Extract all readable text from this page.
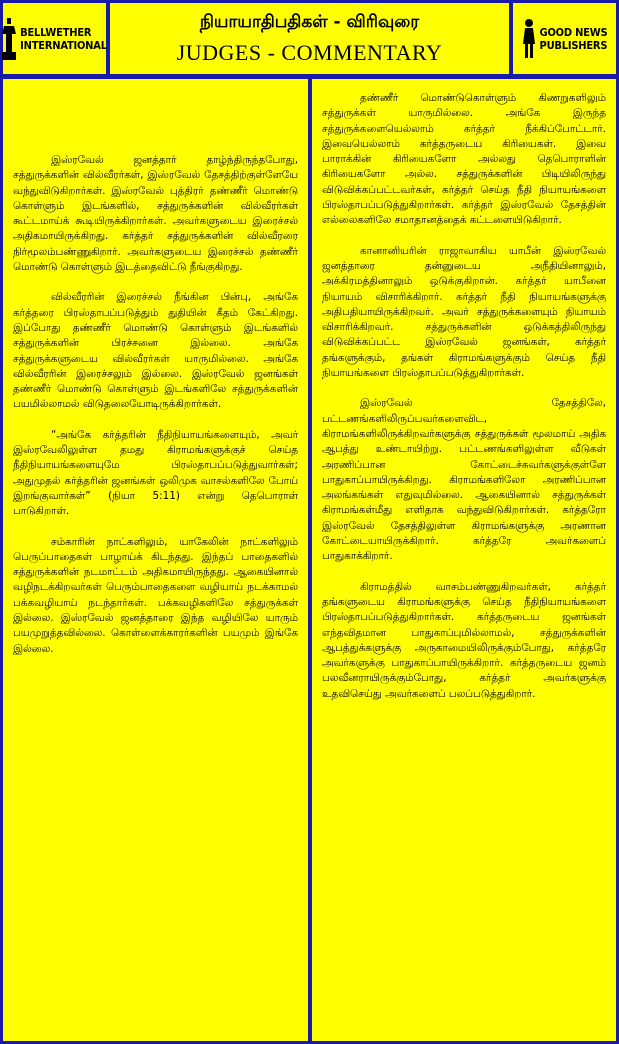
BELLWETHER
INTERNATIONAL
நியாயாதிபதிகள் - விரிவுரை
JUDGES - COMMENTARY
GOOD NEWS
PUBLISHERS

இஸ்ரவேல் ஜனத்தார் தாழ்ந்திருந்தபோது, சத்துருக்களின் வில்வீரர்கள், இஸ்ரவேல் தேசத்திற்குள்ளேயே வந்துவிடுகிறார்கள். இஸ்ரவேல் புத்திரர் தண்ணீர் மொண்டு கொள்ளும் இடங்களில், சத்துருக்களின் வில்வீரர்கள் கூட்டமாய்க் கூடியிருக்கிறார்கள். அவர்களுடைய இரைச்சல் அதிகமாயிருக்கிறது. கர்த்தர் சத்துருக்களின் வில்வீரரை நிர்மூலம்பண்ணுகிறார். அவர்களுடைய இரைச்சல் தண்ணீர் மொண்டு கொள்ளும் இடத்தைவிட்டு நீங்குகிறது.

வில்வீரரின் இரைச்சல் நீங்கின பின்பு, அங்கே கர்த்தரை பிரஸ்தாபப்படுத்தும் துதியின் கீதம் கேட்கிறது. இப்போது தண்ணீர் மொண்டு கொள்ளும் இடங்களில் சத்துருக்களின் பிரச்சனை இல்லை. அங்கே சத்துருக்களுடைய வில்வீரர்கள் யாருமில்லை. அங்கே வில்வீரரின் இரைச்சலும் இல்லை. இஸ்ரவேல் ஜனங்கள் தண்ணீர் மொண்டு கொள்ளும் இடங்களிலே சத்துருக்களின் பயமில்லாமல் விடுதலையோடிருக்கிறார்கள்.

“அங்கே கர்த்தரின் நீதிநியாயங்களையும், அவர் இஸ்ரவேலிலுள்ள தமது கிராமங்களுக்குச் செய்த நீதிநியாயங்களையுமே பிரஸ்தாபப்படுத்துவார்கள்; அதுமுதல் கர்த்தரின் ஜனங்கள் ஒலிமுக வாசல்களிலே போய் இறங்குவார்கள்” (நியா 5:11) என்று தெபொராள் பாடுகிறாள்.

சம்காரின் நாட்களிலும், யாகேலின் நாட்களிலும் பெருப்பாதைகள் பாழாய்க் கிடந்தது. இந்தப் பாதைகளில் சத்துருக்களின் நடமாட்டம் அதிகமாயிருந்தது. ஆகையினால் வழிநடக்கிறவர்கள் பெரும்பாதைகளை வழியாய் நடக்காமல் பக்கவழியாய் நடந்தார்கள். பக்கவழிகளிலே சத்துருக்கள் இல்லை. இஸ்ரவேல் ஜனத்தாரை இந்த வழியிலே யாரும் பயமுறுத்தவில்லை. கொள்ளைக்காரர்களின் பயமும் இங்கே இல்லை.

தண்ணீர் மொண்டுகொள்ளும் கிணறுகளிலும் சத்துருக்கள் யாருமில்லை. அங்கே இருந்த சத்துருக்களையெல்லாம் கர்த்தர் நீக்கிப்போட்டார். இவையெல்லாம் கர்த்தருடைய கிரியைகள். இவை பாராக்கின் கிரியைகளோ அல்லது தெபொராளின் கிரியைகளோ அல்ல. சத்துருக்களின் பிடியிலிருந்து விடுவிக்கப்பட்டவர்கள், கர்த்தர் செய்த நீதி நியாயங்களை பிரஸ்தாபப்படுத்துகிறார்கள். கர்த்தர் இஸ்ரவேல் தேசத்தின் எல்லைகளிலே சமாதானத்தைக் கட்டளையிடுகிறார்.

கானானியரின் ராஜாவாகிய யாபீன் இஸ்ரவேல் ஜனத்தாரை தன்னுடைய அநீதியினாலும், அக்கிரமத்தினாலும் ஒடுக்குகிறான். கர்த்தர் யாபீனை நியாயம் விசாரிக்கிறார். கர்த்தர் நீதி நியாயங்களுக்கு அதிபதியாயிருக்கிறவர். அவர் சத்துருக்களையும் நியாயம் விசாரிக்கிறவர். சத்துருக்களின் ஒடுக்கத்திலிருந்து விடுவிக்கப்பட்ட இஸ்ரவேல் ஜனங்கள், கர்த்தர் தங்களுக்கும், தங்கள் கிராமங்களுக்கும் செய்த நீதி நியாயங்களை பிரஸ்தாபப்படுத்துகிறார்கள்.

இஸ்ரவேல் தேசத்திலே, பட்டணங்களிலிருப்பவர்களைவிட, கிராமங்களிலிருக்கிறவர்களுக்கு சத்துருக்கள் மூலமாய் அதிக ஆபத்து உண்டாயிற்று. பட்டணங்களிலுள்ள வீடுகள் அரணிப்பான கோட்டைச்சுவர்களுக்குள்ளே பாதுகாப்பாயிருக்கிறது. கிராமங்களிலோ அரணிப்பான அலங்கங்கள் எதுவுமில்லை. ஆகையினால் சத்துருக்கள் கிராமங்கள்மீது எளிதாக வந்துவிடுகிறார்கள். கர்த்தரோ இஸ்ரவேல் தேசத்திலுள்ள கிராமங்களுக்கு அரணான கோட்டையாயிருக்கிறார். கர்த்தரே அவர்களைப் பாதுகாக்கிறார்.

கிராமத்தில் வாசம்பண்ணுகிறவர்கள், கர்த்தர் தங்களுடைய கிராமங்களுக்கு செய்த நீதிநியாயங்களை பிரஸ்தாபப்படுத்துகிறார்கள். கர்த்தருடைய ஜனங்கள் எந்தவிதமான பாதுகாப்புமில்லாமல், சத்துருக்களின் ஆபத்துக்களுக்கு அருகாமையிலிருக்கும்போது, கர்த்தரே அவர்களுக்கு பாதுகாப்பாயிருக்கிறார். கர்த்தருடைய ஜனம் பலவீனராயிருக்கும்போது, கர்த்தர் அவர்களுக்கு உதவிசெய்து அவர்களைப் பலப்படுத்துகிறார்.
